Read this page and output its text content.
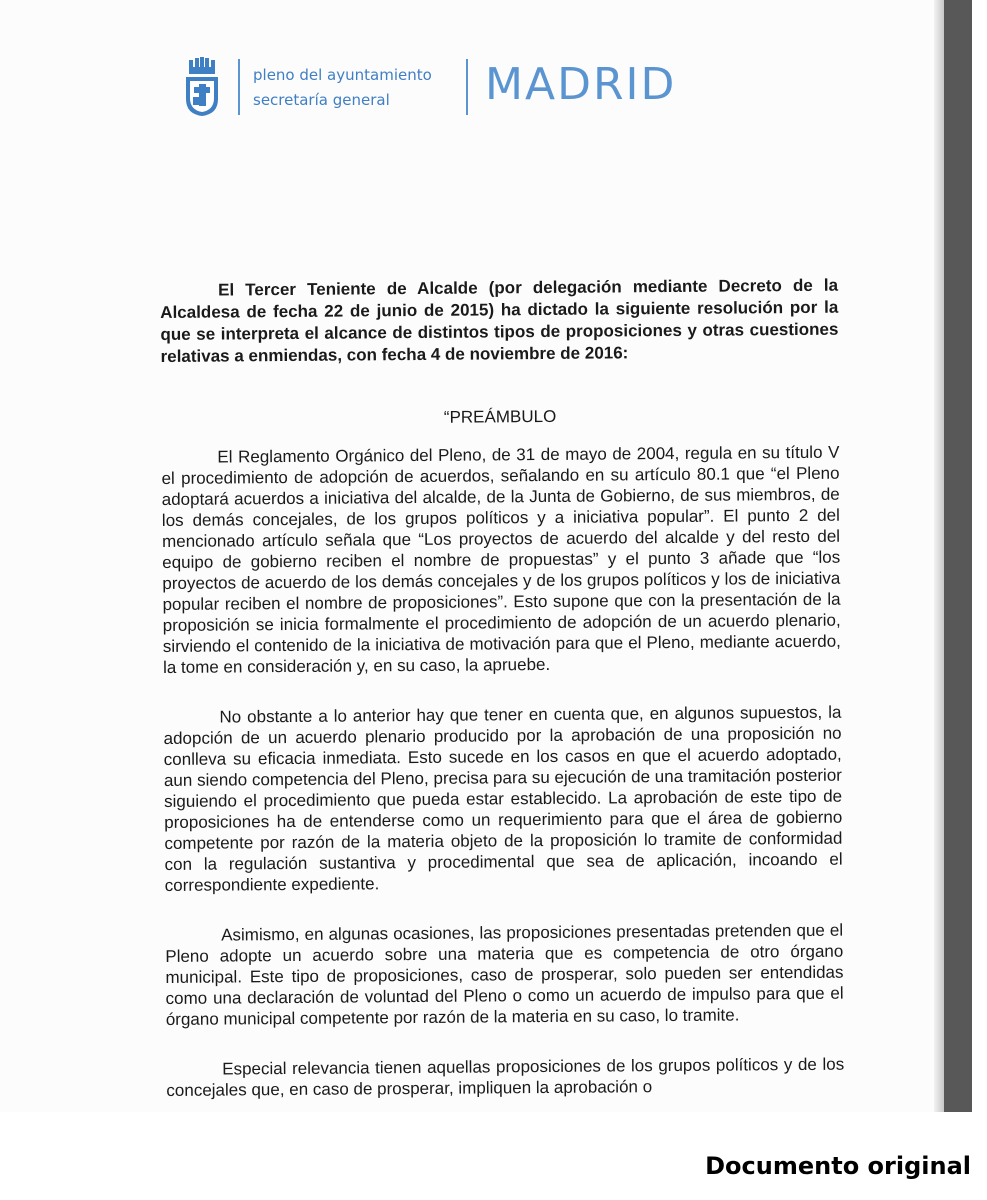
pleno del ayuntamiento
secretaría general	MADRID

El Tercer Teniente de Alcalde (por delegación mediante Decreto de la Alcaldesa de fecha 22 de junio de 2015) ha dictado la siguiente resolución por la que se interpreta el alcance de distintos tipos de proposiciones y otras cuestiones relativas a enmiendas, con fecha 4 de noviembre de 2016:

“PREÁMBULO

El Reglamento Orgánico del Pleno, de 31 de mayo de 2004, regula en su título V el procedimiento de adopción de acuerdos, señalando en su artículo 80.1 que “el Pleno adoptará acuerdos a iniciativa del alcalde, de la Junta de Gobierno, de sus miembros, de los demás concejales, de los grupos políticos y a iniciativa popular”. El punto 2 del mencionado artículo señala que “Los proyectos de acuerdo del alcalde y del resto del equipo de gobierno reciben el nombre de propuestas” y el punto 3 añade que “los proyectos de acuerdo de los demás concejales y de los grupos políticos y los de iniciativa popular reciben el nombre de proposiciones”. Esto supone que con la presentación de la proposición se inicia formalmente el procedimiento de adopción de un acuerdo plenario, sirviendo el contenido de la iniciativa de motivación para que el Pleno, mediante acuerdo, la tome en consideración y, en su caso, la apruebe.

No obstante a lo anterior hay que tener en cuenta que, en algunos supuestos, la adopción de un acuerdo plenario producido por la aprobación de una proposición no conlleva su eficacia inmediata. Esto sucede en los casos en que el acuerdo adoptado, aun siendo competencia del Pleno, precisa para su ejecución de una tramitación posterior siguiendo el procedimiento que pueda estar establecido. La aprobación de este tipo de proposiciones ha de entenderse como un requerimiento para que el área de gobierno competente por razón de la materia objeto de la proposición lo tramite de conformidad con la regulación sustantiva y procedimental que sea de aplicación, incoando el correspondiente expediente.

Asimismo, en algunas ocasiones, las proposiciones presentadas pretenden que el Pleno adopte un acuerdo sobre una materia que es competencia de otro órgano municipal. Este tipo de proposiciones, caso de prosperar, solo pueden ser entendidas como una declaración de voluntad del Pleno o como un acuerdo de impulso para que el órgano municipal competente por razón de la materia en su caso, lo tramite.

Especial relevancia tienen aquellas proposiciones de los grupos políticos y de los concejales que, en caso de prosperar, impliquen la aprobación o

Documento original
